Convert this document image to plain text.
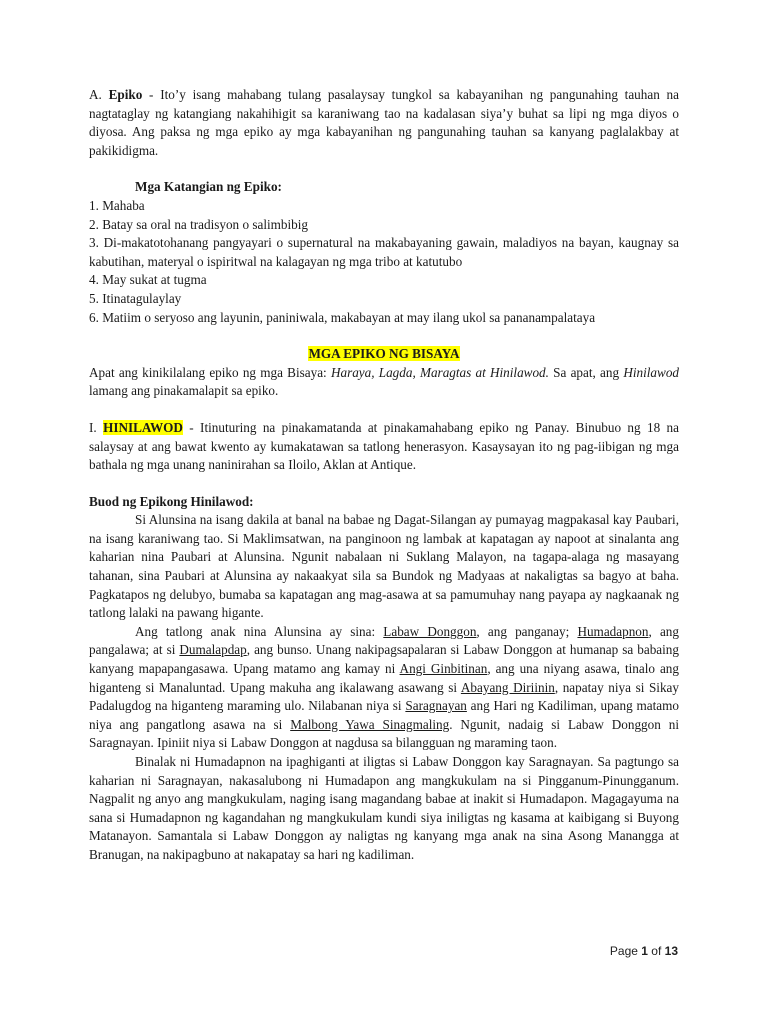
A. Epiko - Ito’y isang mahabang tulang pasalaysay tungkol sa kabayanihan ng pangunahing tauhan na nagtataglay ng katangiang nakahihigit sa karaniwang tao na kadalasan siya’y buhat sa lipi ng mga diyos o diyosa. Ang paksa ng mga epiko ay mga kabayanihan ng pangunahing tauhan sa kanyang paglalakbay at pakikidigma.

Mga Katangian ng Epiko:

1. Mahaba

2. Batay sa oral na tradisyon o salimbibig

3. Di-makatotohanang pangyayari o supernatural na makabayaning gawain, maladiyos na bayan, kaugnay sa kabutihan, materyal o ispiritwal na kalagayan ng mga tribo at katutubo

4. May sukat at tugma

5. Itinatagulaylay

6. Matiim o seryoso ang layunin, paniniwala, makabayan at may ilang ukol sa pananampalataya

MGA EPIKO NG BISAYA

Apat ang kinikilalang epiko ng mga Bisaya: Haraya, Lagda, Maragtas at Hinilawod. Sa apat, ang Hinilawod lamang ang pinakamalapit sa epiko.

I. HINILAWOD - Itinuturing na pinakamatanda at pinakamahabang epiko ng Panay. Binubuo ng 18 na salaysay at ang bawat kwento ay kumakatawan sa tatlong henerasyon. Kasaysayan ito ng pag-iibigan ng mga bathala ng mga unang naninirahan sa Iloilo, Aklan at Antique.

Buod ng Epikong Hinilawod:

Si Alunsina na isang dakila at banal na babae ng Dagat-Silangan ay pumayag magpakasal kay Paubari, na isang karaniwang tao. Si Maklimsatwan, na panginoon ng lambak at kapatagan ay napoot at sinalanta ang kaharian nina Paubari at Alunsina. Ngunit nabalaan ni Suklang Malayon, na tagapa-alaga ng masayang tahanan, sina Paubari at Alunsina ay nakaakyat sila sa Bundok ng Madyaas at nakaligtas sa bagyo at baha. Pagkatapos ng delubyo, bumaba sa kapatagan ang mag-asawa at sa pamumuhay nang payapa ay nagkaanak ng tatlong lalaki na pawang higante.

Ang tatlong anak nina Alunsina ay sina: Labaw Donggon, ang panganay; Humadapnon, ang pangalawa; at si Dumalapdap, ang bunso. Unang nakipagsapalaran si Labaw Donggon at humanap sa babaing kanyang mapapangasawa. Upang matamo ang kamay ni Angi Ginbitinan, ang una niyang asawa, tinalo ang higanteng si Manaluntad. Upang makuha ang ikalawang asawang si Abayang Diriinin, napatay niya si Sikay Padalugdog na higanteng maraming ulo. Nilabanan niya si Saragnayan ang Hari ng Kadiliman, upang matamo niya ang pangatlong asawa na si Malbong Yawa Sinagmaling. Ngunit, nadaig si Labaw Donggon ni Saragnayan. Ipiniit niya si Labaw Donggon at nagdusa sa bilangguan ng maraming taon.

Binalak ni Humadapnon na ipaghiganti at iligtas si Labaw Donggon kay Saragnayan. Sa pagtungo sa kaharian ni Saragnayan, nakasalubong ni Humadapon ang mangkukulam na si Pingganum-Pinungganum. Nagpalit ng anyo ang mangkukulam, naging isang magandang babae at inakit si Humadapon. Magagayuma na sana si Humadapnon ng kagandahan ng mangkukulam kundi siya iniligtas ng kasama at kaibigang si Buyong Matanayon. Samantala si Labaw Donggon ay naligtas ng kanyang mga anak na sina Asong Manangga at Branugan, na nakipagbuno at nakapatay sa hari ng kadiliman.

Page 1 of 13
